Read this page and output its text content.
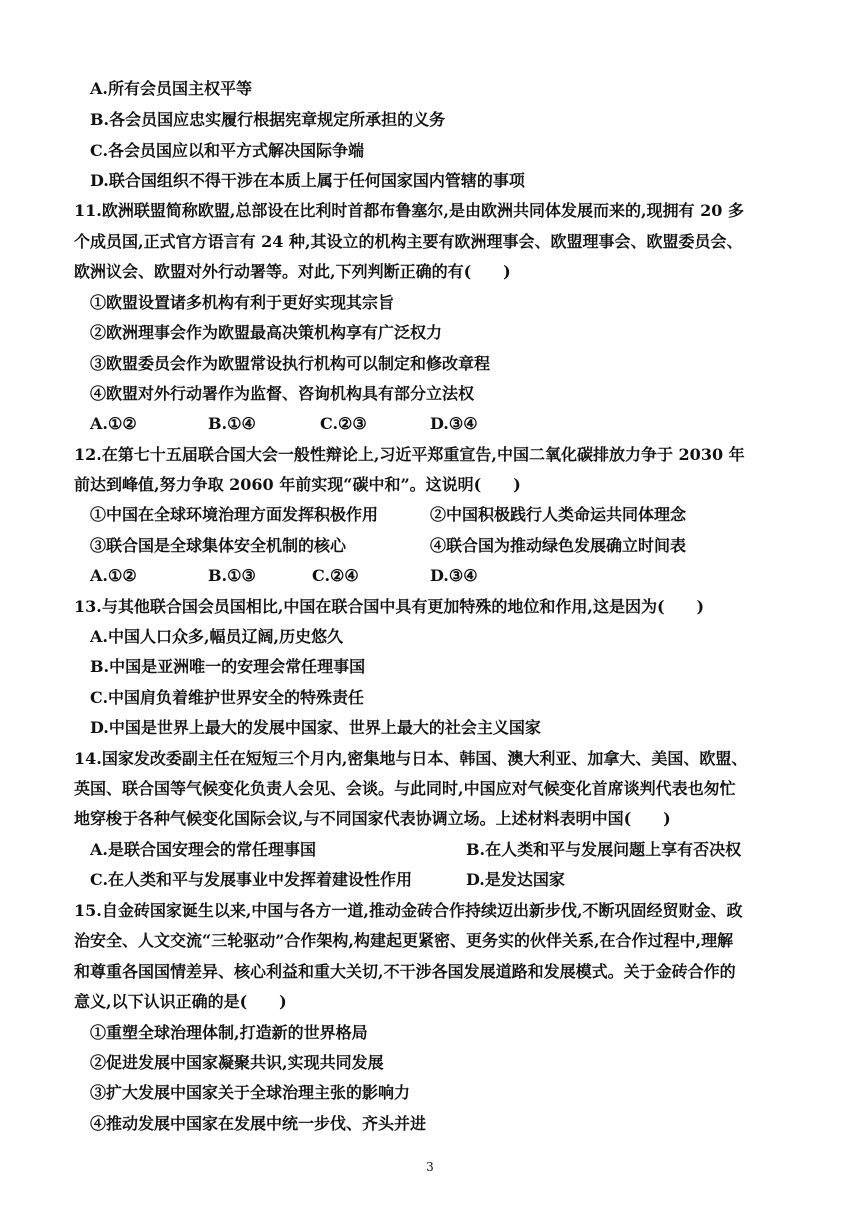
A.所有会员国主权平等
B.各会员国应忠实履行根据宪章规定所承担的义务
C.各会员国应以和平方式解决国际争端
D.联合国组织不得干涉在本质上属于任何国家国内管辖的事项
11.欧洲联盟简称欧盟,总部设在比利时首都布鲁塞尔,是由欧洲共同体发展而来的,现拥有 20 多
个成员国,正式官方语言有 24 种,其设立的机构主要有欧洲理事会、欧盟理事会、欧盟委员会、
欧洲议会、欧盟对外行动署等。对此,下列判断正确的有(　　)
①欧盟设置诸多机构有利于更好实现其宗旨
②欧洲理事会作为欧盟最高决策机构享有广泛权力
③欧盟委员会作为欧盟常设执行机构可以制定和修改章程
④欧盟对外行动署作为监督、咨询机构具有部分立法权
A.①②	B.①④	C.②③	D.③④
12.在第七十五届联合国大会一般性辩论上,习近平郑重宣告,中国二氧化碳排放力争于 2030 年
前达到峰值,努力争取 2060 年前实现“碳中和”。这说明(　　)
①中国在全球环境治理方面发挥积极作用	②中国积极践行人类命运共同体理念
③联合国是全球集体安全机制的核心	④联合国为推动绿色发展确立时间表
A.①②	B.①③	C.②④	D.③④
13.与其他联合国会员国相比,中国在联合国中具有更加特殊的地位和作用,这是因为(　　)
A.中国人口众多,幅员辽阔,历史悠久
B.中国是亚洲唯一的安理会常任理事国
C.中国肩负着维护世界安全的特殊责任
D.中国是世界上最大的发展中国家、世界上最大的社会主义国家
14.国家发改委副主任在短短三个月内,密集地与日本、韩国、澳大利亚、加拿大、美国、欧盟、
英国、联合国等气候变化负责人会见、会谈。与此同时,中国应对气候变化首席谈判代表也匆忙
地穿梭于各种气候变化国际会议,与不同国家代表协调立场。上述材料表明中国(　　)
A.是联合国安理会的常任理事国	B.在人类和平与发展问题上享有否决权
C.在人类和平与发展事业中发挥着建设性作用	D.是发达国家
15.自金砖国家诞生以来,中国与各方一道,推动金砖合作持续迈出新步伐,不断巩固经贸财金、政
治安全、人文交流“三轮驱动”合作架构,构建起更紧密、更务实的伙伴关系,在合作过程中,理解
和尊重各国国情差异、核心利益和重大关切,不干涉各国发展道路和发展模式。关于金砖合作的
意义,以下认识正确的是(　　)
①重塑全球治理体制,打造新的世界格局
②促进发展中国家凝聚共识,实现共同发展
③扩大发展中国家关于全球治理主张的影响力
④推动发展中国家在发展中统一步伐、齐头并进
3
